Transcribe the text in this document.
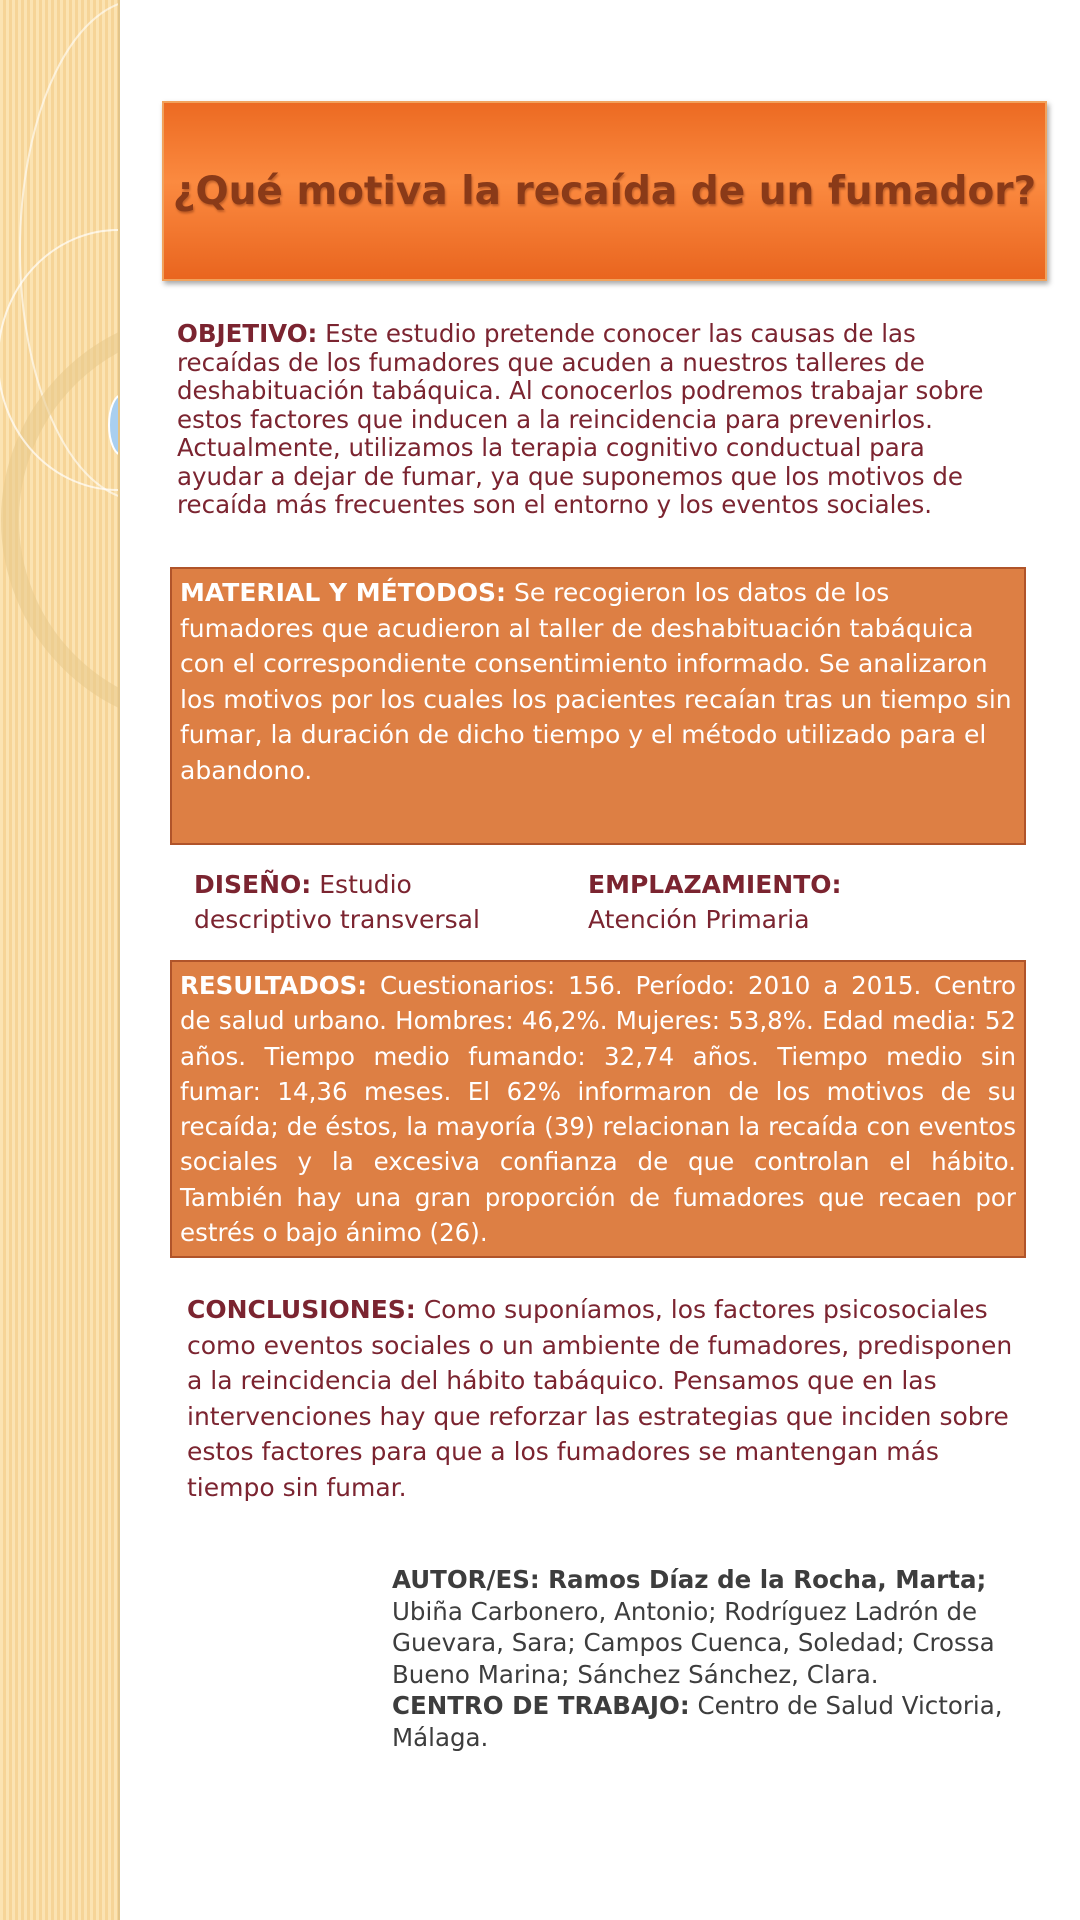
¿Qué motiva la recaída de un fumador?
OBJETIVO: Este estudio pretende conocer las causas de las recaídas de los fumadores que acuden a nuestros talleres de deshabituación tabáquica. Al conocerlos podremos trabajar sobre estos factores que inducen a la reincidencia para prevenirlos. Actualmente, utilizamos la terapia cognitivo conductual para ayudar a dejar de fumar, ya que suponemos que los motivos de recaída más frecuentes son el entorno y los eventos sociales.
MATERIAL Y MÉTODOS: Se recogieron los datos de los fumadores que acudieron al taller de deshabituación tabáquica con el correspondiente consentimiento informado. Se analizaron los motivos por los cuales los pacientes recaían tras un tiempo sin fumar, la duración de dicho tiempo y el método utilizado para el abandono.
DISEÑO: Estudio descriptivo transversal
EMPLAZAMIENTO:
Atención Primaria
RESULTADOS: Cuestionarios: 156. Período: 2010 a 2015. Centro de salud urbano. Hombres: 46,2%. Mujeres: 53,8%. Edad media: 52 años. Tiempo medio fumando: 32,74 años. Tiempo medio sin fumar: 14,36 meses. El 62% informaron de los motivos de su recaída; de éstos, la mayoría (39) relacionan la recaída con eventos sociales y la excesiva confianza de que controlan el hábito. También hay una gran proporción de fumadores que recaen por estrés o bajo ánimo (26).
CONCLUSIONES: Como suponíamos, los factores psicosociales como eventos sociales o un ambiente de fumadores, predisponen a la reincidencia del hábito tabáquico. Pensamos que en las intervenciones hay que reforzar las estrategias que inciden sobre estos factores para que a los fumadores se mantengan más tiempo sin fumar.
AUTOR/ES: Ramos Díaz de la Rocha, Marta; Ubiña Carbonero, Antonio; Rodríguez Ladrón de Guevara, Sara; Campos Cuenca, Soledad; Crossa Bueno Marina; Sánchez Sánchez, Clara.
CENTRO DE TRABAJO: Centro de Salud Victoria, Málaga.
